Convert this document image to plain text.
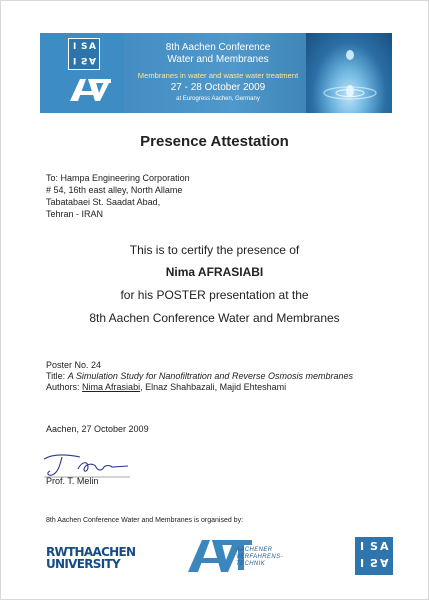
I S A
I S A
8th Aachen Conference
Water and Membranes
Membranes in water and waste water treatment
27 - 28 October 2009
at Eurogress Aachen, Germany
Presence Attestation
To: Hampa Engineering Corporation
# 54, 16th east alley, North Allame
Tabatabaei St. Saadat Abad,
Tehran - IRAN
This is to certify the presence of
Nima AFRASIABI
for his POSTER presentation at the
8th Aachen Conference Water and Membranes
Poster No. 24
Title: A Simulation Study for Nanofiltration and Reverse Osmosis membranes
Authors: Nima Afrasiabi, Elnaz Shahbazali, Majid Ehteshami
Aachen, 27 October 2009
Prof. T. Melin
8th Aachen Conference Water and Membranes is organised by:
RWTHAACHEN
UNIVERSITY
AACHENER
VERFAHRENS-
TECHNIK
I S A
I S A
